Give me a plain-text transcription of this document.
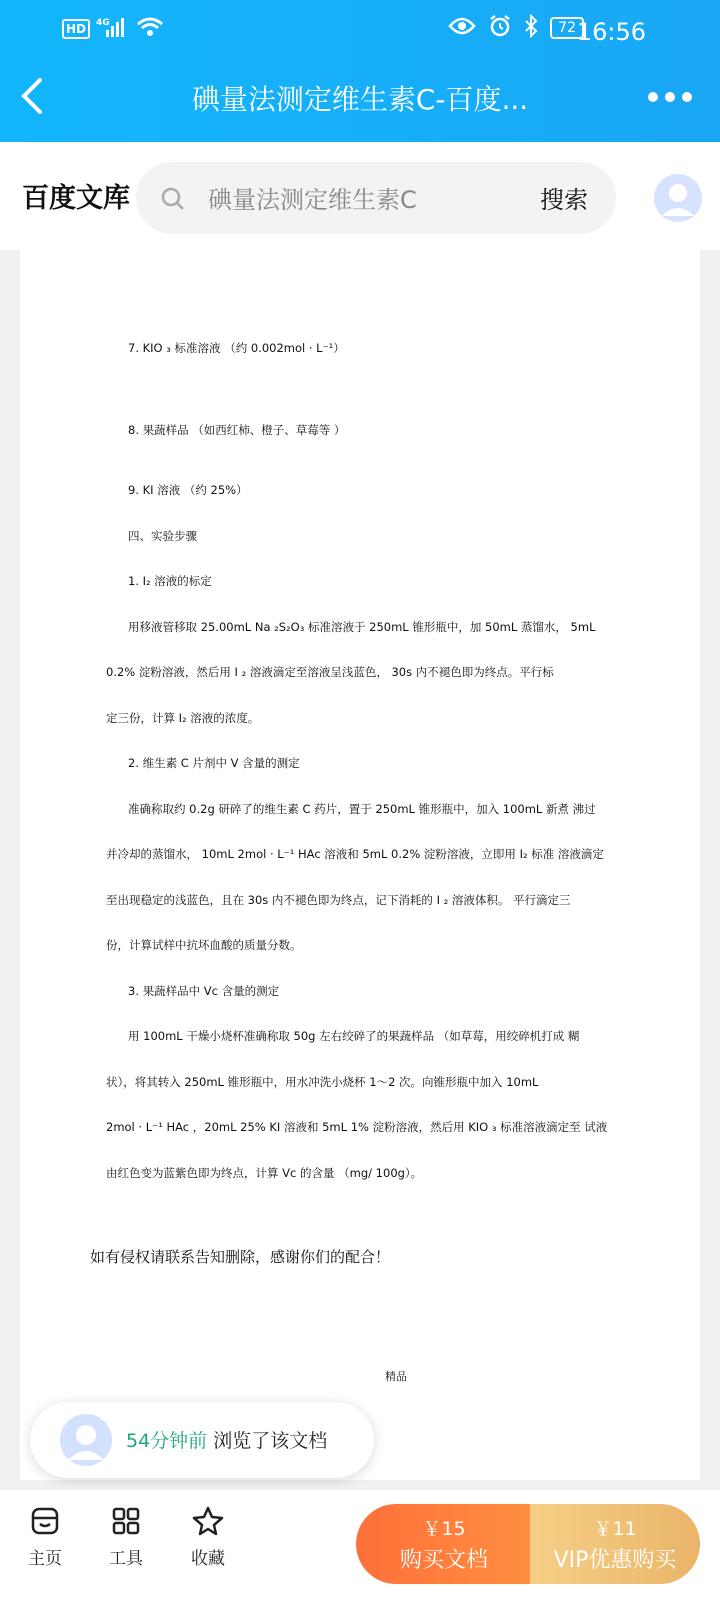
HD	4G	72 16:56
碘量法测定维生素C-百度...
百度文库	碘量法测定维生素C	搜索
7. KIO ₃ 标准溶液 （约 0.002mol · L⁻¹）
8. 果蔬样品 （如西红柿、橙子、草莓等 ）
9. KI 溶液 （约 25%）
四、实验步骤
1. I₂ 溶液的标定
用移液管移取 25.00mL Na ₂S₂O₃ 标准溶液于 250mL 锥形瓶中，加 50mL 蒸馏水， 5mL
0.2% 淀粉溶液，然后用 I ₂ 溶液滴定至溶液呈浅蓝色， 30s 内不褪色即为终点。平行标
定三份，计算 I₂ 溶液的浓度。
2. 维生素 C 片剂中 V 含量的测定
准确称取约 0.2g 研碎了的维生素 C 药片，置于 250mL 锥形瓶中，加入 100mL 新煮 沸过
并冷却的蒸馏水， 10mL 2mol · L⁻¹ HAc 溶液和 5mL 0.2% 淀粉溶液，立即用 I₂ 标准 溶液滴定
至出现稳定的浅蓝色，且在 30s 内不褪色即为终点，记下消耗的 I ₂ 溶液体积。 平行滴定三
份，计算试样中抗坏血酸的质量分数。
3. 果蔬样品中 Vc 含量的测定
用 100mL 干燥小烧杯准确称取 50g 左右绞碎了的果蔬样品 （如草莓，用绞碎机打成 糊
状），将其转入 250mL 锥形瓶中，用水冲洗小烧杯 1～2 次。向锥形瓶中加入 10mL
2mol · L⁻¹ HAc ，20mL 25% KI 溶液和 5mL 1% 淀粉溶液，然后用 KIO ₃ 标准溶液滴定至 试液
由红色变为蓝紫色即为终点，计算 Vc 的含量 （mg/ 100g）。
如有侵权请联系告知删除，感谢你们的配合！
精品
54分钟前 浏览了该文档
主页	工具	收藏
￥15
购买文档
￥11
VIP优惠购买
